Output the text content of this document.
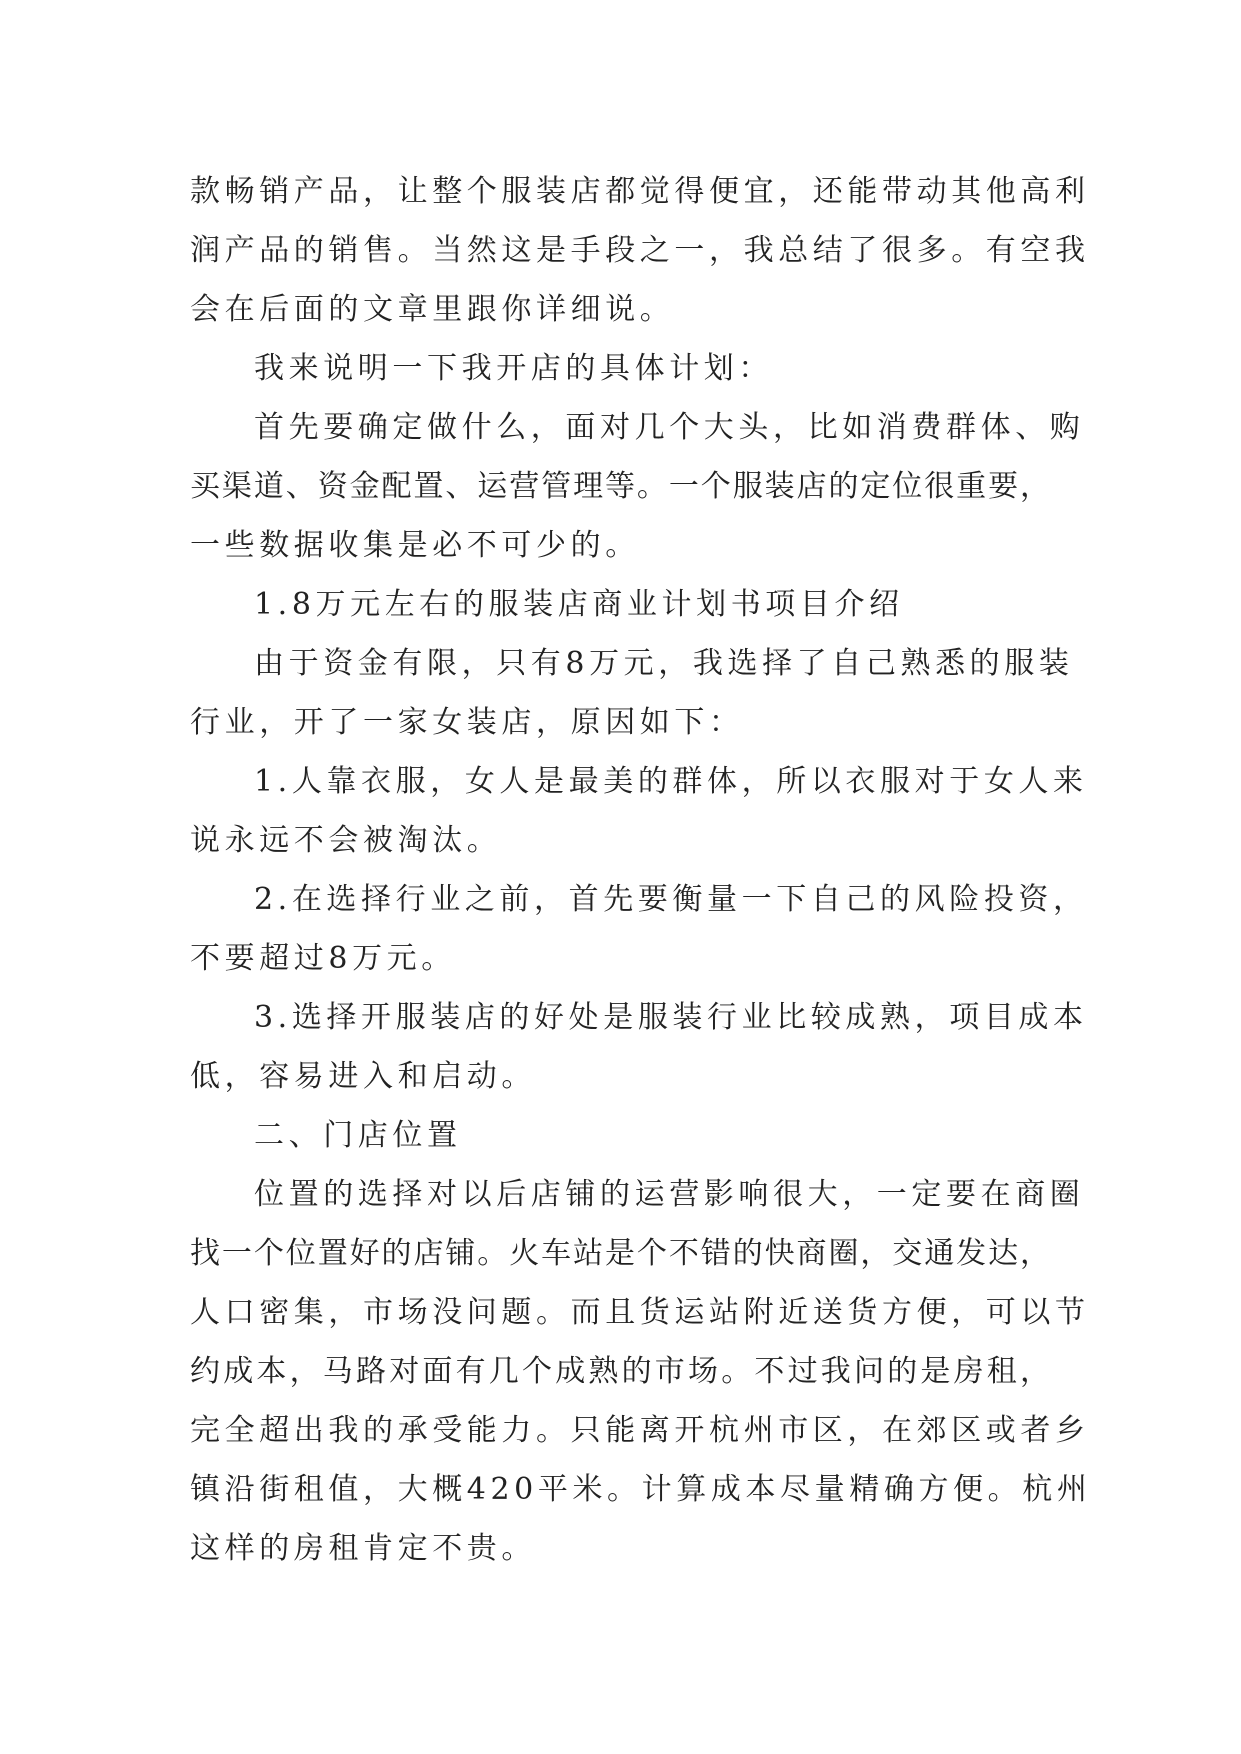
款畅销产品，让整个服装店都觉得便宜，还能带动其他高利
润产品的销售。当然这是手段之一，我总结了很多。有空我
会在后面的文章里跟你详细说。
我来说明一下我开店的具体计划：
首先要确定做什么，面对几个大头，比如消费群体、购
买渠道、资金配置、运营管理等。一个服装店的定位很重要，
一些数据收集是必不可少的。
1.8万元左右的服装店商业计划书项目介绍
由于资金有限，只有8万元，我选择了自己熟悉的服装
行业，开了一家女装店，原因如下：
1.人靠衣服，女人是最美的群体，所以衣服对于女人来
说永远不会被淘汰。
2.在选择行业之前，首先要衡量一下自己的风险投资，
不要超过8万元。
3.选择开服装店的好处是服装行业比较成熟，项目成本
低，容易进入和启动。
二、门店位置
位置的选择对以后店铺的运营影响很大，一定要在商圈
找一个位置好的店铺。火车站是个不错的快商圈，交通发达，
人口密集，市场没问题。而且货运站附近送货方便，可以节
约成本，马路对面有几个成熟的市场。不过我问的是房租，
完全超出我的承受能力。只能离开杭州市区，在郊区或者乡
镇沿街租值，大概420平米。计算成本尽量精确方便。杭州
这样的房租肯定不贵。
